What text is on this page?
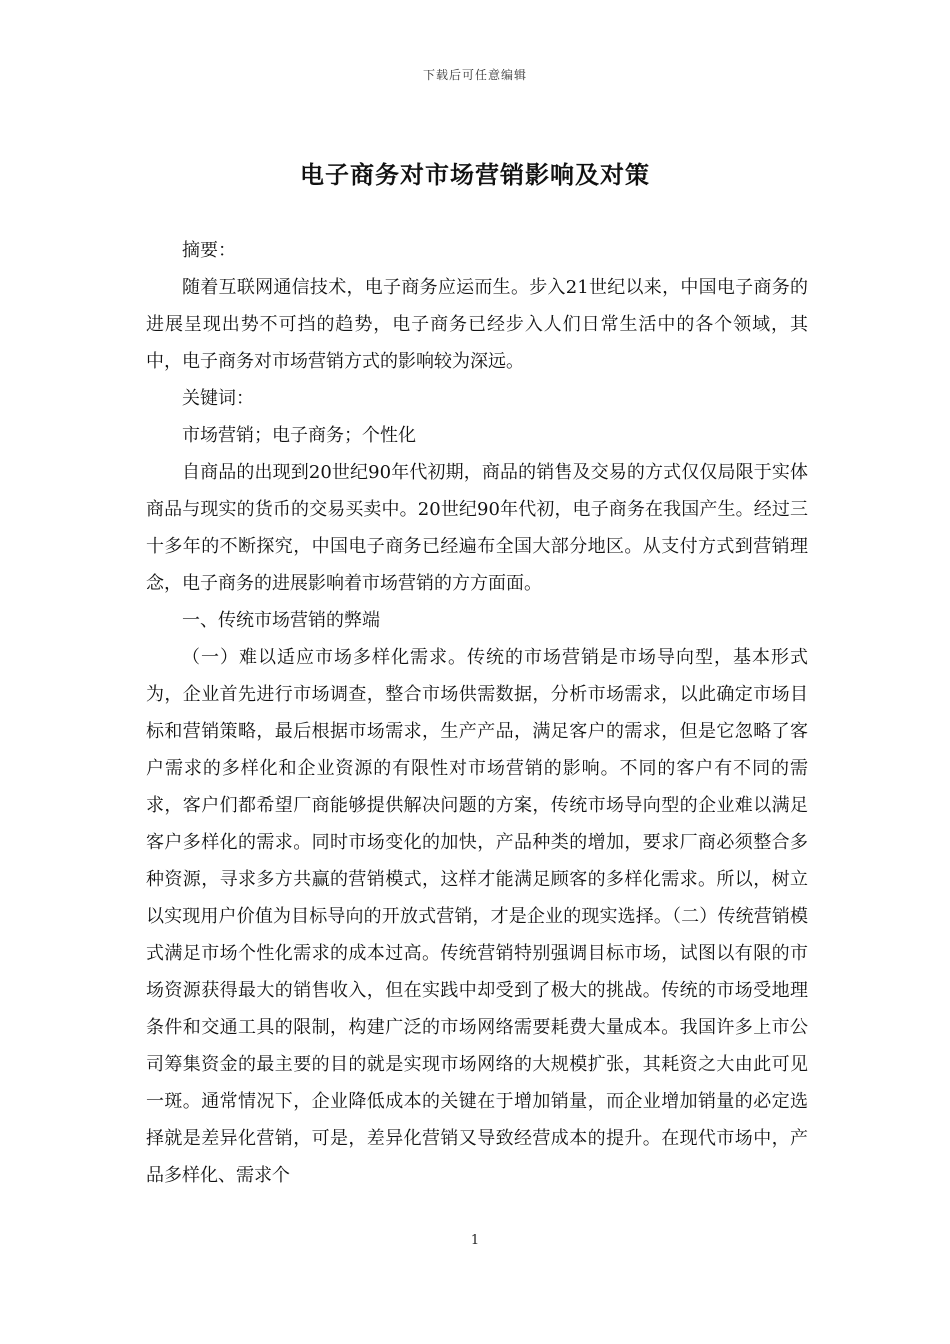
下载后可任意编辑
电子商务对市场营销影响及对策

摘要：

随着互联网通信技术，电子商务应运而生。步入21世纪以来，中国电子商务的进展呈现出势不可挡的趋势，电子商务已经步入人们日常生活中的各个领域，其中，电子商务对市场营销方式的影响较为深远。

关键词：

市场营销；电子商务；个性化

自商品的出现到20世纪90年代初期，商品的销售及交易的方式仅仅局限于实体商品与现实的货币的交易买卖中。20世纪90年代初，电子商务在我国产生。经过三十多年的不断探究，中国电子商务已经遍布全国大部分地区。从支付方式到营销理念，电子商务的进展影响着市场营销的方方面面。

一、传统市场营销的弊端

（一）难以适应市场多样化需求。传统的市场营销是市场导向型，基本形式为，企业首先进行市场调查，整合市场供需数据，分析市场需求，以此确定市场目标和营销策略，最后根据市场需求，生产产品，满足客户的需求，但是它忽略了客户需求的多样化和企业资源的有限性对市场营销的影响。不同的客户有不同的需求，客户们都希望厂商能够提供解决问题的方案，传统市场导向型的企业难以满足客户多样化的需求。同时市场变化的加快，产品种类的增加，要求厂商必须整合多种资源，寻求多方共赢的营销模式，这样才能满足顾客的多样化需求。所以，树立以实现用户价值为目标导向的开放式营销，才是企业的现实选择。（二）传统营销模式满足市场个性化需求的成本过高。传统营销特别强调目标市场，试图以有限的市场资源获得最大的销售收入，但在实践中却受到了极大的挑战。传统的市场受地理条件和交通工具的限制，构建广泛的市场网络需要耗费大量成本。我国许多上市公司筹集资金的最主要的目的就是实现市场网络的大规模扩张，其耗资之大由此可见一斑。通常情况下，企业降低成本的关键在于增加销量，而企业增加销量的必定选择就是差异化营销，可是，差异化营销又导致经营成本的提升。在现代市场中，产品多样化、需求个

1
